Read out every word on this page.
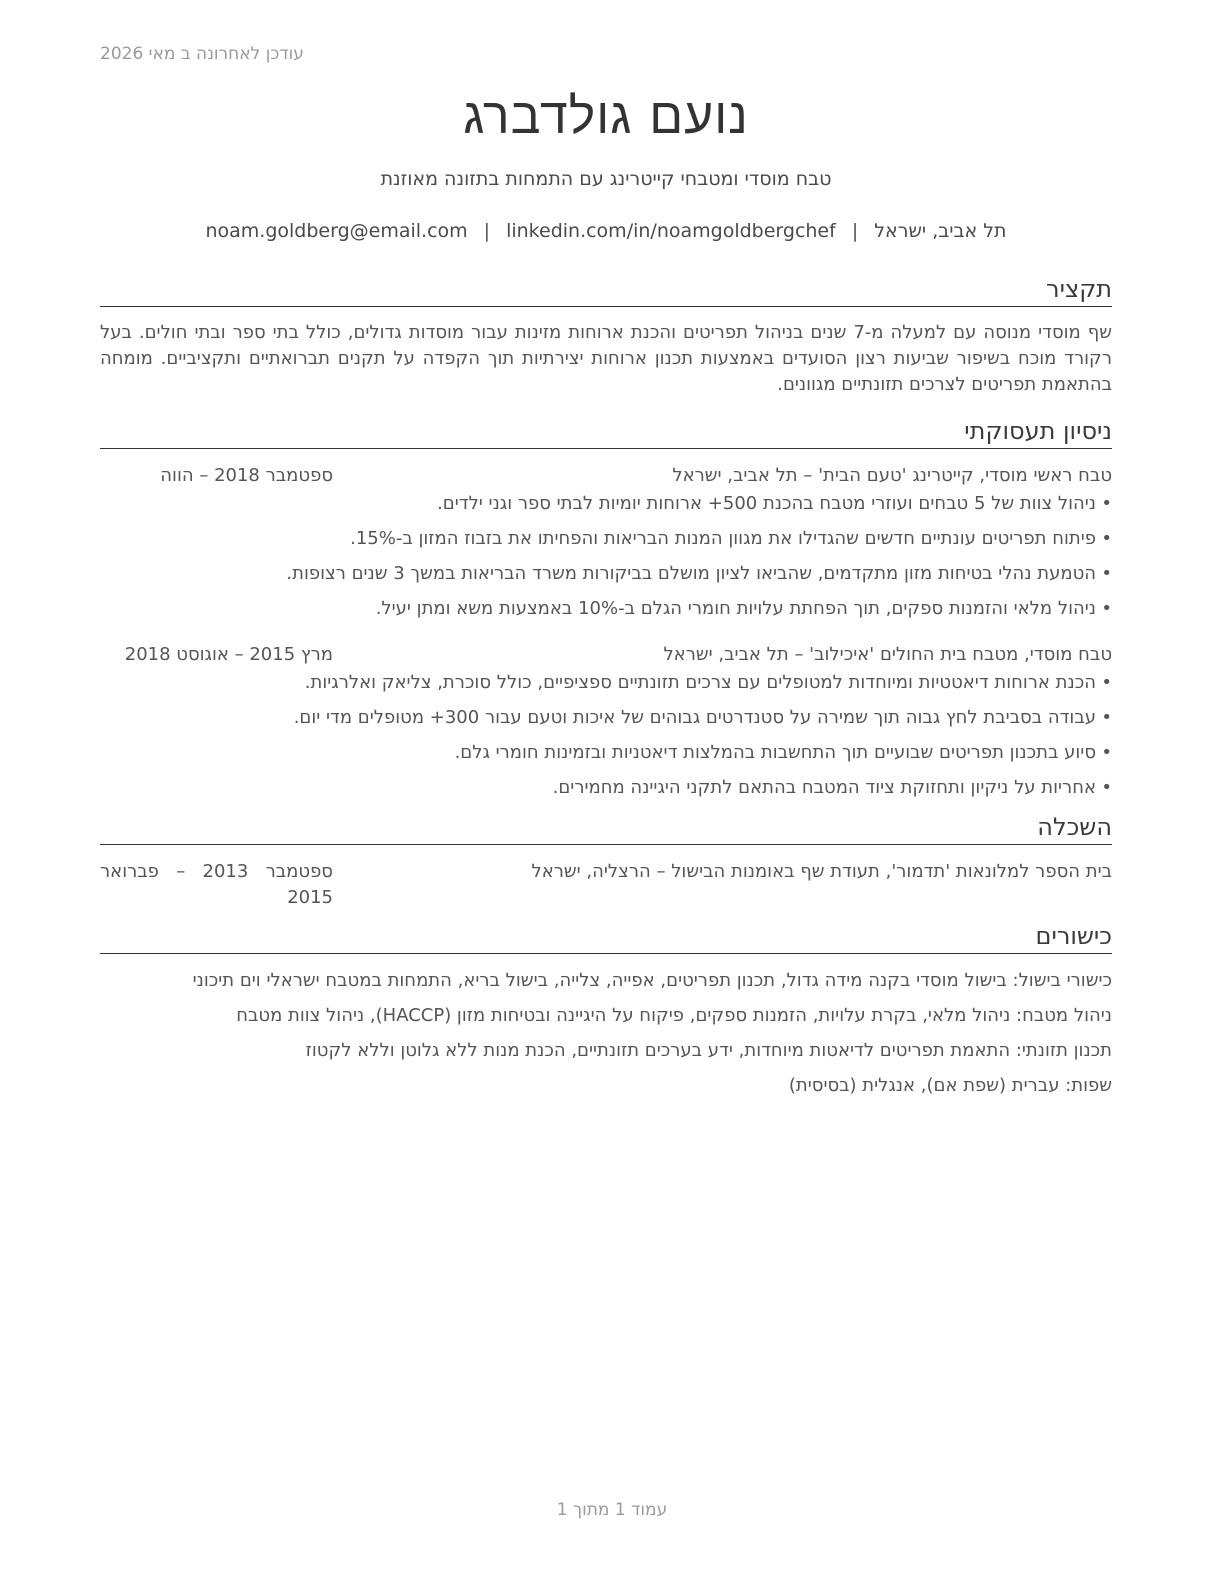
עודכן לאחרונה ב מאי 2026
נועם גולדברג
טבח מוסדי ומטבחי קייטרינג עם התמחות בתזונה מאוזנת
תל אביב, ישראל|noam.goldberg@email.com | linkedin.com/in/noamgoldbergchef
תקציר
שף מוסדי מנוסה עם למעלה מ-7 שנים בניהול תפריטים והכנת ארוחות מזינות עבור מוסדות גדולים, כולל בתי ספר ובתי חולים. בעל רקורד מוכח בשיפור שביעות רצון הסועדים באמצעות תכנון ארוחות יצירתיות תוך הקפדה על תקנים תברואתיים ותקציביים. מומחה בהתאמת תפריטים לצרכים תזונתיים מגוונים.
ניסיון תעסוקתי
טבח ראשי מוסדי, קייטרינג 'טעם הבית' – תל אביב, ישראל
ספטמבר 2018 – הווה
•
ניהול צוות של 5 טבחים ועוזרי מטבח בהכנת 500+ ארוחות יומיות לבתי ספר וגני ילדים.
•
פיתוח תפריטים עונתיים חדשים שהגדילו את מגוון המנות הבריאות והפחיתו את בזבוז המזון ב-15%.
•
הטמעת נהלי בטיחות מזון מתקדמים, שהביאו לציון מושלם בביקורות משרד הבריאות במשך 3 שנים רצופות.
•
ניהול מלאי והזמנות ספקים, תוך הפחתת עלויות חומרי הגלם ב-10% באמצעות משא ומתן יעיל.
טבח מוסדי, מטבח בית החולים 'איכילוב' – תל אביב, ישראל
מרץ 2015 – אוגוסט 2018
•
הכנת ארוחות דיאטטיות ומיוחדות למטופלים עם צרכים תזונתיים ספציפיים, כולל סוכרת, צליאק ואלרגיות.
•
עבודה בסביבת לחץ גבוה תוך שמירה על סטנדרטים גבוהים של איכות וטעם עבור 300+ מטופלים מדי יום.
•
סיוע בתכנון תפריטים שבועיים תוך התחשבות בהמלצות דיאטניות ובזמינות חומרי גלם.
•
אחריות על ניקיון ותחזוקת ציוד המטבח בהתאם לתקני היגיינה מחמירים.
השכלה
בית הספר למלונאות 'תדמור', תעודת שף באומנות הבישול – הרצליה, ישראל
ספטמבר 2013 – פברואר 2015
כישורים
כישורי בישול: בישול מוסדי בקנה מידה גדול, תכנון תפריטים, אפייה, צלייה, בישול בריא, התמחות במטבח ישראלי וים תיכוני
ניהול מטבח: ניהול מלאי, בקרת עלויות, הזמנות ספקים, פיקוח על היגיינה ובטיחות מזון (HACCP), ניהול צוות מטבח
תכנון תזונתי: התאמת תפריטים לדיאטות מיוחדות, ידע בערכים תזונתיים, הכנת מנות ללא גלוטן וללא לקטוז
שפות: עברית (שפת אם), אנגלית (בסיסית)
עמוד 1 מתוך 1
